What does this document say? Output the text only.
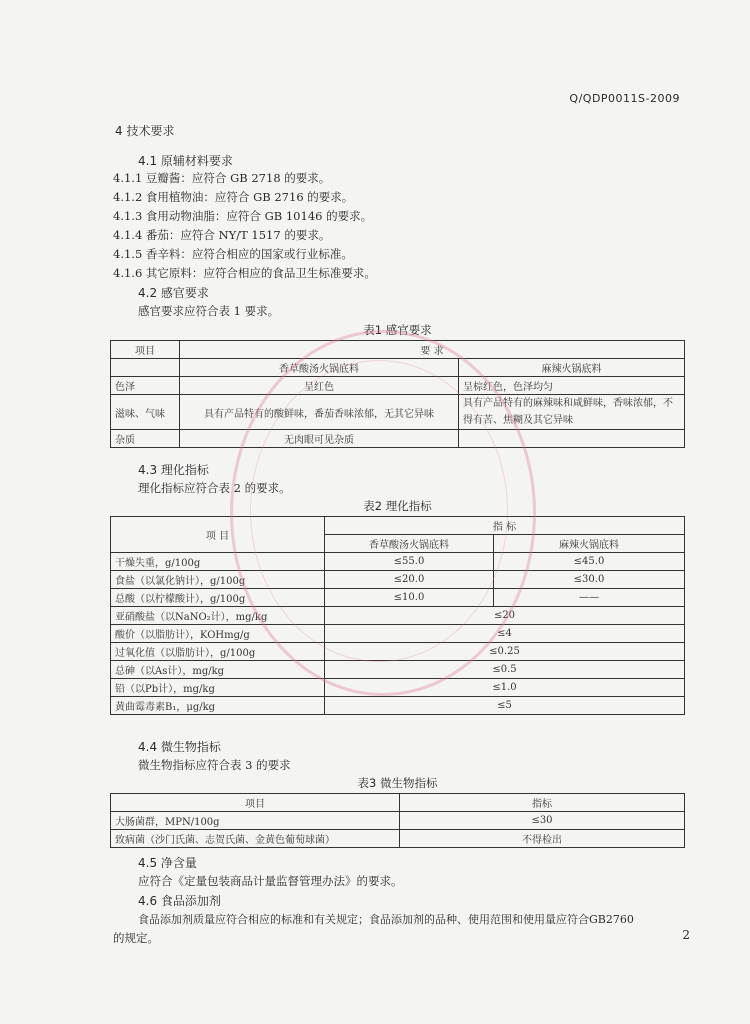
Q/QDP0011S-2009
4 技术要求
4.1 原辅材料要求
4.1.1 豆瓣酱：应符合 GB 2718 的要求。
4.1.2 食用植物油：应符合 GB 2716 的要求。
4.1.3 食用动物油脂：应符合 GB 10146 的要求。
4.1.4 番茄：应符合 NY/T 1517 的要求。
4.1.5 香辛料：应符合相应的国家或行业标准。
4.1.6 其它原料：应符合相应的食品卫生标准要求。
4.2 感官要求
感官要求应符合表 1 要求。
表1 感官要求
项目	要 求	
	香草酸汤火锅底料	麻辣火锅底料
色泽	呈红色	呈棕红色，色泽均匀
滋味、气味	具有产品特有的酸鲜味，番茄香味浓郁，无其它异味	具有产品特有的麻辣味和咸鲜味，香味浓郁，不得有苦、焦糊及其它异味
杂质	无肉眼可见杂质	
4.3 理化指标
理化指标应符合表 2 的要求。
表2 理化指标
项 目	指 标	
	香草酸汤火锅底料	麻辣火锅底料
干燥失重，g/100g	≤55.0	≤45.0
食盐（以氯化钠计），g/100g	≤20.0	≤30.0
总酸（以柠檬酸计），g/100g	≤10.0	——
亚硝酸盐（以NaNO₂计），mg/kg	≤20	
酸价（以脂肪计），KOHmg/g	≤4	
过氧化值（以脂肪计），g/100g	≤0.25	
总砷（以As计），mg/kg	≤0.5	
铅（以Pb计），mg/kg	≤1.0	
黄曲霉毒素B₁，μg/kg	≤5	
4.4 微生物指标
微生物指标应符合表 3 的要求
表3 微生物指标
项目	指标
大肠菌群，MPN/100g	≤30
致病菌（沙门氏菌、志贺氏菌、金黄色葡萄球菌）	不得检出
4.5 净含量
应符合《定量包装商品计量监督管理办法》的要求。
4.6 食品添加剂
食品添加剂质量应符合相应的标准和有关规定；食品添加剂的品种、使用范围和使用量应符合GB2760
的规定。	2
